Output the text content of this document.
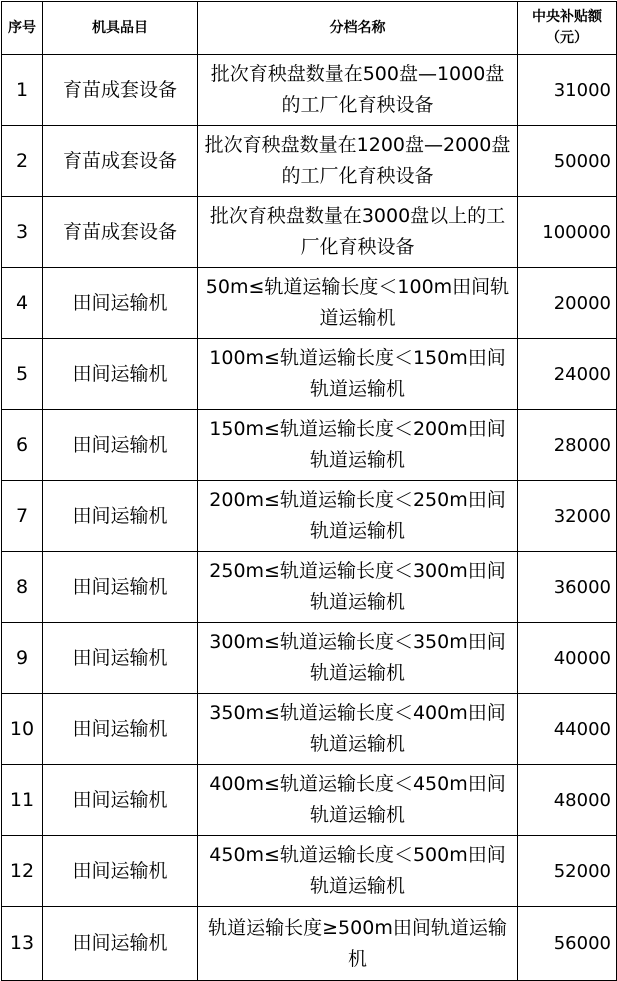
序号	机具品目	分档名称	中央补贴额（元）
1	育苗成套设备	批次育秧盘数量在500盘—1000盘的工厂化育秧设备	31000
2	育苗成套设备	批次育秧盘数量在1200盘—2000盘的工厂化育秧设备	50000
3	育苗成套设备	批次育秧盘数量在3000盘以上的工厂化育秧设备	100000
4	田间运输机	50m≤轨道运输长度＜100m田间轨道运输机	20000
5	田间运输机	100m≤轨道运输长度＜150m田间轨道运输机	24000
6	田间运输机	150m≤轨道运输长度＜200m田间轨道运输机	28000
7	田间运输机	200m≤轨道运输长度＜250m田间轨道运输机	32000
8	田间运输机	250m≤轨道运输长度＜300m田间轨道运输机	36000
9	田间运输机	300m≤轨道运输长度＜350m田间轨道运输机	40000
10	田间运输机	350m≤轨道运输长度＜400m田间轨道运输机	44000
11	田间运输机	400m≤轨道运输长度＜450m田间轨道运输机	48000
12	田间运输机	450m≤轨道运输长度＜500m田间轨道运输机	52000
13	田间运输机	轨道运输长度≥500m田间轨道运输机	56000
